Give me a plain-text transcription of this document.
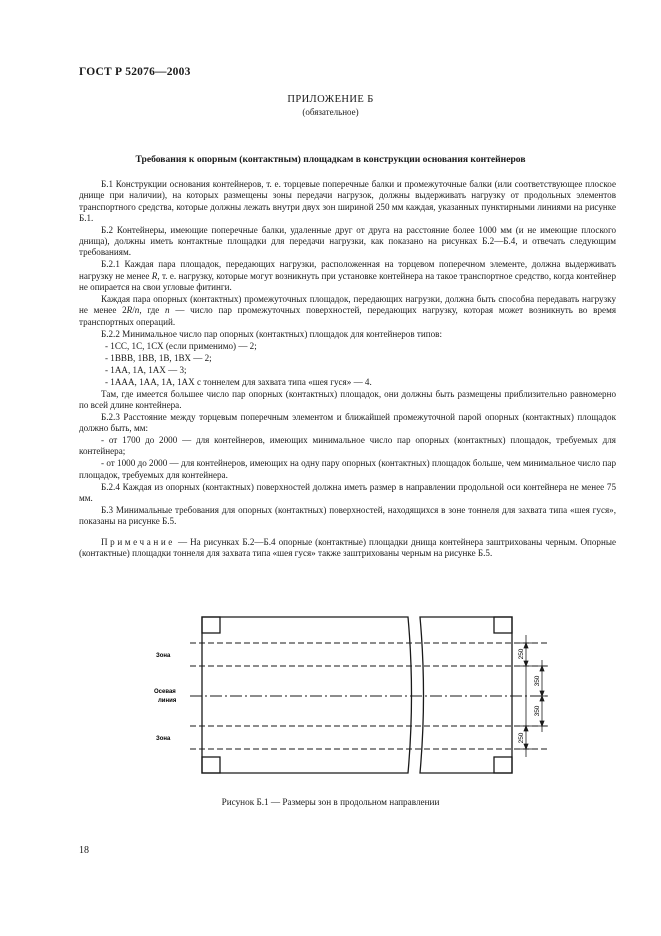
ГОСТ Р 52076—2003
ПРИЛОЖЕНИЕ Б
(обязательное)
Требования к опорным (контактным) площадкам в конструкции основания контейнеров

Б.1 Конструкции основания контейнеров, т. е. торцевые поперечные балки и промежуточные балки (или соответствующее плоское днище при наличии), на которых размещены зоны передачи нагрузок, должны выдерживать нагрузку от продольных элементов транспортного средства, которые должны лежать внутри двух зон шириной 250 мм каждая, указанных пунктирными линиями на рисунке Б.1.

Б.2 Контейнеры, имеющие поперечные балки, удаленные друг от друга на расстояние более 1000 мм (и не имеющие плоского днища), должны иметь контактные площадки для передачи нагрузки, как показано на рисунках Б.2—Б.4, и отвечать следующим требованиям.

Б.2.1 Каждая пара площадок, передающих нагрузки, расположенная на торцевом поперечном элементе, должна выдерживать нагрузку не менее R, т. е. нагрузку, которые могут возникнуть при установке контейнера на такое транспортное средство, когда контейнер не опирается на свои угловые фитинги.

Каждая пара опорных (контактных) промежуточных площадок, передающих нагрузки, должна быть способна передавать нагрузку не менее 2R/n, где n — число пар промежуточных поверхностей, передающих нагрузку, которая может возникнуть во время транспортных операций.

Б.2.2 Минимальное число пар опорных (контактных) площадок для контейнеров типов:

- 1СС, 1С, 1СХ (если применимо) — 2;

- 1ВВВ, 1ВВ, 1В, 1ВХ — 2;

- 1АА, 1А, 1АХ — 3;

- 1ААА, 1АА, 1А, 1АХ с тоннелем для захвата типа «шея гуся» — 4.

Там, где имеется большее число пар опорных (контактных) площадок, они должны быть размещены приблизительно равномерно по всей длине контейнера.

Б.2.3 Расстояние между торцевым поперечным элементом и ближайшей промежуточной парой опорных (контактных) площадок должно быть, мм:

- от 1700 до 2000 — для контейнеров, имеющих минимальное число пар опорных (контактных) площадок, требуемых для контейнера;

- от 1000 до 2000 — для контейнеров, имеющих на одну пару опорных (контактных) площадок больше, чем минимальное число пар площадок, требуемых для контейнера.

Б.2.4 Каждая из опорных (контактных) поверхностей должна иметь размер в направлении продольной оси контейнера не менее 75 мм.

Б.3 Минимальные требования для опорных (контактных) поверхностей, находящихся в зоне тоннеля для захвата типа «шея гуся», показаны на рисунке Б.5.

Примечание — На рисунках Б.2—Б.4 опорные (контактные) площадки днища контейнера заштрихованы черным. Опорные (контактные) площадки тоннеля для захвата типа «шея гуся» также заштрихованы черным на рисунке Б.5.

250
350
350
250
Зона
Осевая
линия
Зона
Рисунок Б.1 — Размеры зон в продольном направлении
18
